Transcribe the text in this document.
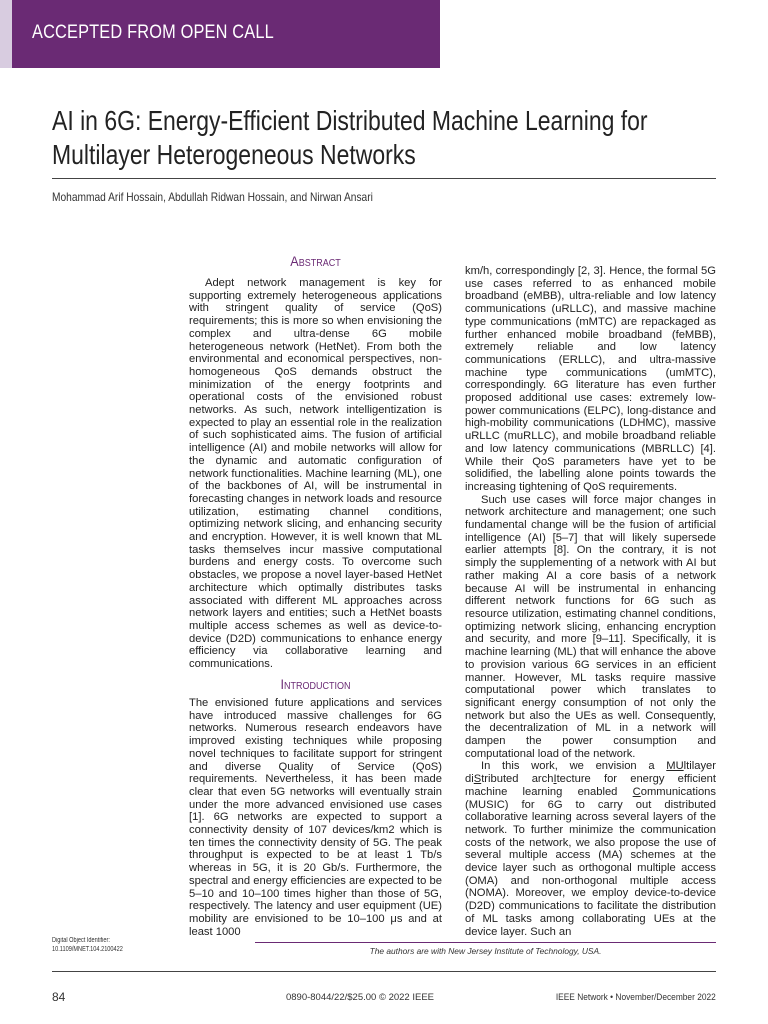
ACCEPTED FROM OPEN CALL
AI in 6G: Energy-Efficient Distributed Machine Learning for Multilayer Heterogeneous Networks
Mohammad Arif Hossain, Abdullah Ridwan Hossain, and Nirwan Ansari
Abstract

Adept network management is key for supporting extremely heterogeneous applications with stringent quality of service (QoS) requirements; this is more so when envisioning the complex and ultra-dense 6G mobile heterogeneous network (HetNet). From both the environmental and economical perspectives, non-homogeneous QoS demands obstruct the minimization of the energy footprints and operational costs of the envisioned robust networks. As such, network intelligentization is expected to play an essential role in the realization of such sophisticated aims. The fusion of artificial intelligence (AI) and mobile networks will allow for the dynamic and automatic configuration of network functionalities. Machine learning (ML), one of the backbones of AI, will be instrumental in forecasting changes in network loads and resource utilization, estimating channel conditions, optimizing network slicing, and enhancing security and encryption. However, it is well known that ML tasks themselves incur massive computational burdens and energy costs. To overcome such obstacles, we propose a novel layer-based HetNet architecture which optimally distributes tasks associated with different ML approaches across network layers and entities; such a HetNet boasts multiple access schemes as well as device-to-device (D2D) communications to enhance energy efficiency via collaborative learning and communications.

Introduction

The envisioned future applications and services have introduced massive challenges for 6G networks. Numerous research endeavors have improved existing techniques while proposing novel techniques to facilitate support for stringent and diverse Quality of Service (QoS) requirements. Nevertheless, it has been made clear that even 5G networks will eventually strain under the more advanced envisioned use cases [1]. 6G networks are expected to support a connectivity density of 107 devices/km2 which is ten times the connectivity density of 5G. The peak throughput is expected to be at least 1 Tb/s whereas in 5G, it is 20 Gb/s. Furthermore, the spectral and energy efficiencies are expected to be 5–10 and 10–100 times higher than those of 5G, respectively. The latency and user equipment (UE) mobility are envisioned to be 10–100 μs and at least 1000

km/h, correspondingly [2, 3]. Hence, the formal 5G use cases referred to as enhanced mobile broadband (eMBB), ultra-reliable and low latency communications (uRLLC), and massive machine type communications (mMTC) are repackaged as further enhanced mobile broadband (feMBB), extremely reliable and low latency communications (ERLLC), and ultra-massive machine type communications (umMTC), correspondingly. 6G literature has even further proposed additional use cases: extremely low-power communications (ELPC), long-distance and high-mobility communications (LDHMC), massive uRLLC (muRLLC), and mobile broadband reliable and low latency communications (MBRLLC) [4]. While their QoS parameters have yet to be solidified, the labelling alone points towards the increasing tightening of QoS requirements.

Such use cases will force major changes in network architecture and management; one such fundamental change will be the fusion of artificial intelligence (AI) [5–7] that will likely supersede earlier attempts [8]. On the contrary, it is not simply the supplementing of a network with AI but rather making AI a core basis of a network because AI will be instrumental in enhancing different network functions for 6G such as resource utilization, estimating channel conditions, optimizing network slicing, enhancing encryption and security, and more [9–11]. Specifically, it is machine learning (ML) that will enhance the above to provision various 6G services in an efficient manner. However, ML tasks require massive computational power which translates to significant energy consumption of not only the network but also the UEs as well. Consequently, the decentralization of ML in a network will dampen the power consumption and computational load of the network.

In this work, we envision a MUltilayer diStributed archItecture for energy efficient machine learning enabled Communications (MUSIC) for 6G to carry out distributed collaborative learning across several layers of the network. To further minimize the communication costs of the network, we also propose the use of several multiple access (MA) schemes at the device layer such as orthogonal multiple access (OMA) and non-orthogonal multiple access (NOMA). Moreover, we employ device-to-device (D2D) communications to facilitate the distribution of ML tasks among collaborating UEs at the device layer. Such an

Digital Object Identifier:
10.1109/MNET.104.2100422	The authors are with New Jersey Institute of Technology, USA.
84	0890-8044/22/$25.00 © 2022 IEEE	IEEE Network • November/December 2022
